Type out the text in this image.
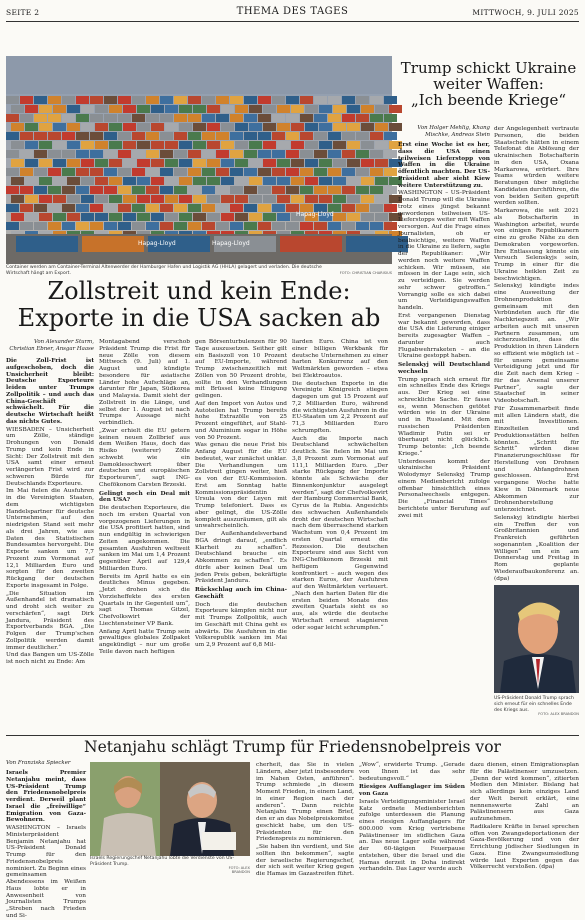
SEITE 2	THEMA DES TAGES	MITTWOCH, 9. JULI 2025
Hapag-Lloyd	Hapag-Lloyd
Hapag-Lloyd
Container werden am Container-Terminal Altenwerder der Hamburger Hafen und Logistik AG (HHLA) gelagert und verladen. Die deutsche Wirtschaft hängt am Export.	FOTO: CHRISTIAN CHARISIUS
Trump schickt Ukraine
weiter Waffen:
„Ich beende Kriege“
Von Holger Mehlig, Khang
Mischke, Andreas Stein

Erst eine Woche ist es her, dass die USA einen teilweisen Lieferstopp von Waffen in die Ukraine öffentlich machten. Der US-Präsident aber sieht Kiew weitere Unterstützung zu.

WASHINGTON – US-Präsident Donald Trump will die Ukraine trotz eines jüngst bekannt gewordenen teilweisen US-Lieferstopps weiter mit Waffen versorgen. Auf die Frage eines Journalisten, ob er beabsichtige, weitere Waffen in die Ukraine zu liefern, sagte der Republikaner: „Wir werden noch weitere Waffen schicken. Wir müssen, sie müssen in der Lage sein, sich zu verteidigen. Sie werden sehr schwer getroffen.“ Vorrangig solle es sich dabei um Verteidigungswaffen handeln.

Erst vergangenen Dienstag war bekannt geworden, dass die USA die Lieferung einiger bereits zugesagter Waffen – darunter auch Flugabwehrraketen – an die Ukraine gestoppt haben.

Selenskyj will Deutschland wechseln

Trump sprach sich erneut für ein schnelles Ende des Kriegs aus. Der Krieg sei eine schreckliche Sache. Er fasse es, wenn Menschen getötet würden wie in der Ukraine und in Russland. Mit dem russischen Präsidenten Wladimir Putin sei er überhaupt nicht glücklich. Trump betonte: „Ich beende Kriege.“

Unterdessen kommt der ukrainische Präsident Wolodymyr Selenskyj Trump einem Medienbericht zufolge offenbar hinsichtlich eines Personalwechsels entgegen. Die „Financial Times“ berichtete unter Berufung auf zwei mit

der Angelegenheit vertraute Personen, die beiden Staatschefs hätten in einem Telefonat die Ablösung der ukrainischen Botschafterin in den USA, Oxana Markarowa, erörtert. Ihre Teams würden weitere Beratungen über mögliche Kandidaten durchführen, die von beiden Seiten geprüft werden sollten.

Markarowa, die seit 2021 als Botschafterin in Washington arbeitet, wurde von einigen Republikanern eine zu große Nähe zu den Demokraten vorgeworfen. Ihre Entlassung könnte ein Versuch Selenskyjs sein, Trump in einer für die Ukraine heiklen Zeit zu beschwichtigen.

Selenskyj kündigte indes eine Ausweitung der Drohnenproduktion gemeinsam mit den Verbündeten auch für die Nachkriegszeit an. „Wir arbeiten auch mit unseren Partnern zusammen, um sicherzustellen, dass die Produktion in ihren Ländern so effizient wie möglich ist – für unsere gemeinsame Verteidigung jetzt und für die Zeit nach dem Krieg – für das Arsenal unserer Partner“, sagte der Staatschef in seiner Videobotschaft.

Für Zusammenarbeit finde mit allen Ländern statt, die mit Investitionen. Einzelteilen und Produktionsstätten helfen könnten. „Schritt für Schritt“ würden diese Finanzierungsschlüsse für Herstellung von Drohnen und Abfangdrohnen geschlossen. Erst vergangene Woche hatte Kiew in Dänemark neue Abkommen zur Drohnenherstellung unterzeichnet.

Selenskyj kündigte hierbei ein Treffen der von Großbritannien und Frankreich geführten sogenannten „Koalition der Willigen“ um ein am Donnerstag und Freitag in Rom geplante Wiederaufbaukonferenz an. (dpa)

US-Präsident Donald Trump sprach sich erneut für ein schnelles Ende des Kriegs aus.
FOTO: ALEX BRANDON
Zollstreit und kein Ende:
Exporte in die USA sacken ab
Von Alexander Sturm,
Christian Ebner, Ansgar Haase

Die Zoll-Frist ist aufgeschoben, doch die Unsicherheit bleibt: Deutsche Exporteure leiden unter Trumps Zollpolitik – und auch das China-Geschäft schwächelt. Für die deutsche Wirtschaft heißt das nichts Gutes.

WIESBADEN – Unsicherheit um Zölle, ständige Drohungen von Donald Trump und kein Ende in Sicht: Der Zollstreit mit den USA samt einer erneut verlängerten Frist wird zur schweren Bürde für Deutschlands Exporteure.

Im Mai fielen die Ausfuhren in die Vereinigten Staaten, dem wichtigsten Handelspartner für deutsche Unternehmen, auf den niedrigsten Stand seit mehr als drei Jahren, wie aus Daten des Statistischen Bundesamtes hervorgeht. Die Exporte sanken um 7,7 Prozent zum Vormonat auf 12,1 Milliarden Euro und sorgten für den zweiten Rückgang der deutschen Exporte insgesamt in Folge.

„Die Situation im Außenhandel ist dramatisch und droht sich weiter zu verschärfen“, sagt Dirk Jandura, Präsident des Exportverbands BGA. „Die Folgen der Trump'schen Zollpolitik werden damit immer deutlicher.“

Und das Bangen um US-Zölle ist noch nicht zu Ende: Am

Montagabend verschob Präsident Trump die Frist für neue Zölle von diesem Mittwoch (9. Juli) auf 1. August und kündigte besondere für asiatische Länder hohe Aufschläge an, darunter für Japan, Südkorea und Malaysia. Damit sieht der Zollstreit in die Länge, und selbst der 1. August ist nach Trumps Aussage nicht verbindlich.

„Zwar erhielt die EU getern keinen neuen Zollbrief aus dem Weißen Haus, doch das Risiko (weiterer) Zölle schwebt wie ein Damoklesschwert über deutschen und europäischen Exporteuren“, sagt ING-Chefökonom Carsten Brzeski.

Gelingt noch ein Deal mit den USA?

Die deutschen Exporteure, die noch im ersten Quartal von vorgezogenen Lieferungen in die USA profitiert hatten, sind nun endgültig in schwierigen Zeiten angekommen. Die gesamten Ausfuhren weltweit sanken im Mai um 1,4 Prozent gegenüber April auf 129,4 Milliarden Euro.

Bereits im April hatte es ein deutliches Minus gegeben. „Jetzt drohen sich die Vorzieheffekte des ersten Quartals in ihr Gegenteil um“, sagt Thomas Gitzel, Chefvolkswirt der Liechtensteiner VP Bank.

Anfang April hatte Trump sein gewaltiges globales Zollpaket angekündigt – nur um große Teile davon nach heftigen

gen Börsenturbulenzen für 90 Tage auszusetzen. Seither gilt ein Basiszoll von 10 Prozent auf EU-Importe, während Trump zwischenzeitlich mit Zöllen von 50 Prozent drohte, sollte in den Verhandlungen mit Brüssel keine Einigung gelingen.

Auf den Import von Autos und Autoteilen hat Trump bereits hohe Extrazölle von 25 Prozent eingeführt, auf Stahl- und Aluminium sogar in Höhe von 50 Prozent.

Was genau die neue Frist bis Anfang August für die EU bedeutet, war zunächst unklar. Die Verhandlungen um Zollstreit gingen weiter, hieß es von der EU-Kommission. Erst am Sonntag hatte Kommissionspräsidentin Ursula von der Leyen mit Trump telefoniert. Dass es aber gelingt, die US-Zölle komplett auszuräumen, gilt als unwahrscheinlich.

Der Außenhandelsverband BGA dringt darauf, „endlich Klarheit zu schaffen“. Deutschland brauche ein Abkommen zu schaffen“. Es dürfe aber keinen Deal um jeden Preis geben, bekräftigte Präsident Jandura.

Rückschlag auch im China-Geschäft

Doch die deutschen Exporteure kämpfen nicht nur mit Trumps Zollpolitik, auch im Geschäft mit China geht es abwärts. Die Ausfuhren in die Volksrepublik sanken im Mai um 2,9 Prozent auf 6,8 Mil-

liarden Euro. China ist von einer billigen Werkbank für deutsche Unternehmen zu einer harten Konkurrenz auf den Weltmärkten geworden – etwa bei Elektroautos.

Die deutschen Exporte in die Vereinigte Königreich stiegen dagegen um gut 15 Prozent auf 7,2 Milliarden Euro, während die wichtigsten Ausfuhren in die EU-Staaten um 2,2 Prozent auf 71,3 Milliarden Euro schrumpften.

Auch die Importe nach Deutschland schwächelten deutlich. Sie fielen im Mai um 3,8 Prozent zum Vormonat auf 111,1 Milliarden Euro. „Der starke Rückgang der Importe könnte als Schwäche der Binnenkonjunktur ausgelegt werden“, sagt der Chefvolkswirt der Hamburg Commercial Bank, Cyrus de la Rubia. Angesichts des schwachen Außenhandels droht der deutschen Wirtschaft nach dem überraschend starken Wachstum von 0,4 Prozent im ersten Quartal erneut die Rezession. Die deutschen Exporteure sind aus Sicht von ING-Chefökonom Brzeski mit heftigem Gegenwind konfrontiert – auch wegen des starken Euros, der Ausfuhren auf den Weltmärkten verteuert. „Nach den harten Daten für die ersten beiden Monate des zweiten Quartals sieht es so aus, als würde die deutsche Wirtschaft erneut stagnieren oder sogar leicht schrumpfen.“

Netanjahu schlägt Trump für Friedensnobelpreis vor
Von Franziska Spiecker

Israels Premier Netanjahu meint, dass US-Präsident Trump den Friedensnobelpreis verdient. Derweil plant Israel die „freiwillige“ Emigration von Gaza-Bewohnern.

WASHINGTON – Israels Ministerpräsident Benjamin Netanjahu hat US-Präsident Donald Trump für den Friedensnobelpreis nominiert. Zu Beginn eines gemeinsamen Abendessens im Weißen Haus lobte er in Anwesenheit von Journalisten Trumps „Streben nach Frieden und Si-

Israels Regierungschef Netanjahu lobte die Verdienste von US-Präsident Trump.
FOTO: ALEX BRANDON

cherheit, das Sie in vielen Ländern, aber jetzt insbesondere im Nahen Osten, anführen“. Trump schmiede „in diesem Moment Frieden, in einem Land, in einer Region nach der anderen“. Dann reichte Netanjahu Trump einen Brief, den er an das Nobelpreiskomitee geschickt habe, um den US-Präsidenten für den Friedenspreis zu nominieren.

„Sie haben ihn verdient, und Sie sollten ihn bekommen“, sagte der israelische Regierungschef, der sich seit weiter Krieg gegen die Hamas im Gazastreifen führt.

„Wow“, erwiderte Trump. „Gerade von Ihnen ist das sehr bedeutungsvoll.“

Riesiges Auffanglager im Süden von Gaza

Israels Verteidigungsminister Israel Katz ordnete Medienberichten zufolge unterdessen die Planung eines riesigen Auffanglagers für 600.000 vom Krieg vertriebene Palästinenser im südlichen Gaza an. Das neue Lager solle während der 60-tägigen Feuerpause entstehen, über die Israel und die Hamas derzeit in Doha indirekt verhandeln. Das Lager werde auch

dazu dienen, einen Emigrationsplan für die Palästinenser umzusetzen. „Denn der wird kommen“, zitierten Medien den Minister. Bislang hat sich allerdings kein einziges Land der Welt bereit erklärt, eine nennenswerte Zahl an Palästinensern aus Gaza aufzunehmen.

Radikalere Kräfte in Israel sprechen offen von Zwangsdeportationen der Gaza-Bevölkerung und von der Errichtung jüdischer Siedlungen in Gaza. Eine Zwangsumsiedlung würde laut Experten gegen das Völkerrecht verstoßen. (dpa)
